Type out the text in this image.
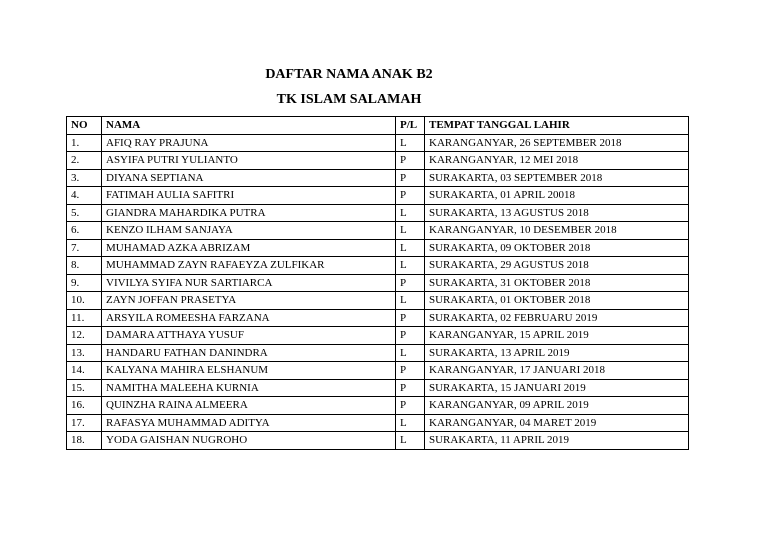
DAFTAR NAMA ANAK B2
TK ISLAM SALAMAH
NO	NAMA	P/L	TEMPAT TANGGAL LAHIR
1.	AFIQ RAY PRAJUNA	L	KARANGANYAR, 26 SEPTEMBER 2018
2.	ASYIFA PUTRI YULIANTO	P	KARANGANYAR, 12 MEI 2018
3.	DIYANA SEPTIANA	P	SURAKARTA, 03 SEPTEMBER 2018
4.	FATIMAH AULIA SAFITRI	P	SURAKARTA, 01 APRIL 20018
5.	GIANDRA MAHARDIKA PUTRA	L	SURAKARTA, 13 AGUSTUS 2018
6.	KENZO ILHAM SANJAYA	L	KARANGANYAR, 10 DESEMBER 2018
7.	MUHAMAD AZKA ABRIZAM	L	SURAKARTA, 09 OKTOBER 2018
8.	MUHAMMAD ZAYN RAFAEYZA ZULFIKAR	L	SURAKARTA, 29 AGUSTUS 2018
9.	VIVILYA SYIFA NUR SARTIARCA	P	SURAKARTA, 31 OKTOBER 2018
10.	ZAYN JOFFAN PRASETYA	L	SURAKARTA, 01 OKTOBER 2018
11.	ARSYILA ROMEESHA FARZANA	P	SURAKARTA, 02 FEBRUARU 2019
12.	DAMARA ATTHAYA YUSUF	P	KARANGANYAR, 15 APRIL 2019
13.	HANDARU FATHAN DANINDRA	L	SURAKARTA, 13 APRIL 2019
14.	KALYANA MAHIRA ELSHANUM	P	KARANGANYAR, 17 JANUARI 2018
15.	NAMITHA MALEEHA KURNIA	P	SURAKARTA, 15 JANUARI 2019
16.	QUINZHA RAINA ALMEERA	P	KARANGANYAR, 09 APRIL 2019
17.	RAFASYA MUHAMMAD ADITYA	L	KARANGANYAR, 04 MARET 2019
18.	YODA GAISHAN NUGROHO	L	SURAKARTA, 11 APRIL 2019
